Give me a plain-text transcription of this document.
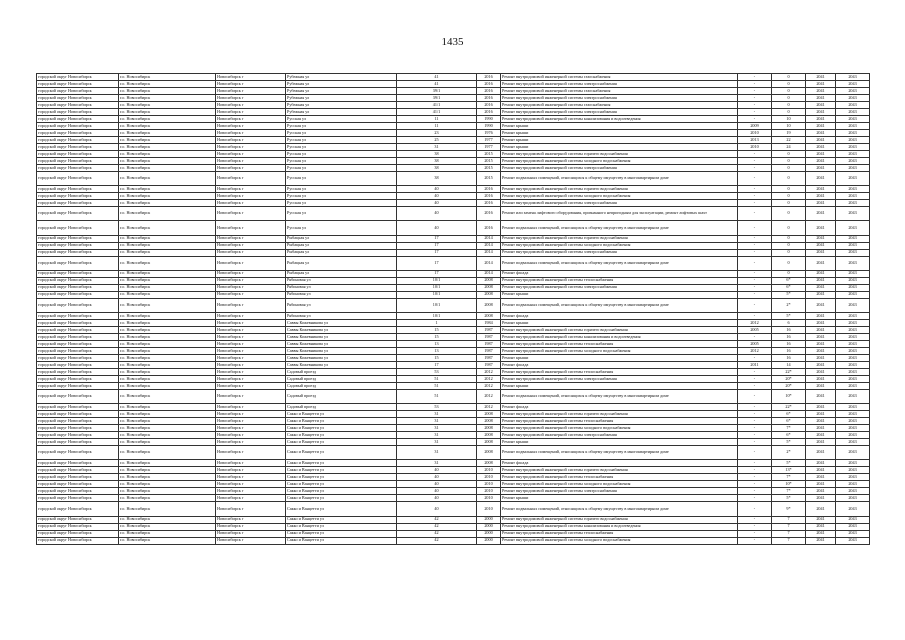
1435
городской округ Новосибирск	г.о. Новосибирск	Новосибирск г	Рубежная ул	41	2016	Ремонт внутридомовой инженерной системы газоснабжения	-	0	2041	2043
городской округ Новосибирск	г.о. Новосибирск	Новосибирск г	Рубежная ул	41	2016	Ремонт внутридомовой инженерной системы электроснабжения	-	0	2041	2043
городской округ Новосибирск	г.о. Новосибирск	Новосибирск г	Рубежная ул	39/1	2016	Ремонт внутридомовой инженерной системы газоснабжения	-	0	2041	2043
городской округ Новосибирск	г.о. Новосибирск	Новосибирск г	Рубежная ул	39/1	2016	Ремонт внутридомовой инженерной системы электроснабжения	-	0	2041	2043
городской округ Новосибирск	г.о. Новосибирск	Новосибирск г	Рубежная ул	41/1	2016	Ремонт внутридомовой инженерной системы газоснабжения	-	0	2041	2043
городской округ Новосибирск	г.о. Новосибирск	Новосибирск г	Рубежная ул	41/1	2016	Ремонт внутридомовой инженерной системы электроснабжения	-	0	2041	2043
городской округ Новосибирск	г.о. Новосибирск	Новосибирск г	Русская ул	11	1990	Ремонт внутридомовой инженерной системы канализования и водоотведения	-	10	2041	2043
городской округ Новосибирск	г.о. Новосибирск	Новосибирск г	Русская ул	11	1990	Ремонт крыши	2009	10	2041	2043
городской округ Новосибирск	г.о. Новосибирск	Новосибирск г	Русская ул	23	1976	Ремонт крыши	2010	19	2041	2043
городской округ Новосибирск	г.о. Новосибирск	Новосибирск г	Русская ул	25	1977	Ремонт крыши	2013	22	2041	2043
городской округ Новосибирск	г.о. Новосибирск	Новосибирск г	Русская ул	31	1977	Ремонт крыши	2010	24	2041	2043
городской округ Новосибирск	г.о. Новосибирск	Новосибирск г	Русская ул	38	2015	Ремонт внутридомовой инженерной системы горячего водоснабжения	-	0	2041	2043
городской округ Новосибирск	г.о. Новосибирск	Новосибирск г	Русская ул	38	2015	Ремонт внутридомовой инженерной системы холодного водоснабжения	-	0	2041	2043
городской округ Новосибирск	г.о. Новосибирск	Новосибирск г	Русская ул	38	2015	Ремонт внутридомовой инженерной системы электроснабжения	-	0	2041	2043
городской округ Новосибирск	г.о. Новосибирск	Новосибирск г	Русская ул	38	2015	Ремонт подвальных помещений, относящихся к общему имуществу в многоквартирном доме	-	0	2041	2043
городской округ Новосибирск	г.о. Новосибирск	Новосибирск г	Русская ул	40	2016	Ремонт внутридомовой инженерной системы горячего водоснабжения	-	0	2041	2043
городской округ Новосибирск	г.о. Новосибирск	Новосибирск г	Русская ул	40	2016	Ремонт внутридомовой инженерной системы холодного водоснабжения	-	0	2041	2043
городской округ Новосибирск	г.о. Новосибирск	Новосибирск г	Русская ул	40	2016	Ремонт внутридомовой инженерной системы электроснабжения	-	0	2041	2043
городской округ Новосибирск	г.о. Новосибирск	Новосибирск г	Русская ул	40	2016	Ремонт или замена лифтового оборудования, признанного непригодным для эксплуатации, ремонт лифтовых шахт	-	0	2041	2043
городской округ Новосибирск	г.о. Новосибирск	Новосибирск г	Русская ул	40	2016	Ремонт подвальных помещений, относящихся к общему имуществу в многоквартирном доме	-	0	2041	2043
городской округ Новосибирск	г.о. Новосибирск	Новосибирск г	Рыбацкая ул	17	2014	Ремонт внутридомовой инженерной системы горячего водоснабжения	-	0	2041	2043
городской округ Новосибирск	г.о. Новосибирск	Новосибирск г	Рыбацкая ул	17	2014	Ремонт внутридомовой инженерной системы холодного водоснабжения	-	0	2041	2043
городской округ Новосибирск	г.о. Новосибирск	Новосибирск г	Рыбацкая ул	17	2014	Ремонт внутридомовой инженерной системы электроснабжения	-	0	2041	2043
городской округ Новосибирск	г.о. Новосибирск	Новосибирск г	Рыбацкая ул	17	2014	Ремонт подвальных помещений, относящихся к общему имуществу в многоквартирном доме	-	0	2041	2043
городской округ Новосибирск	г.о. Новосибирск	Новосибирск г	Рыбацкая ул	17	2014	Ремонт фасада	-	0	2041	2043
городской округ Новосибирск	г.о. Новосибирск	Новосибирск г	Рябиновая ул	10/1	2008	Ремонт внутридомовой инженерной системы теплоснабжения	-	6*	2041	2043
городской округ Новосибирск	г.о. Новосибирск	Новосибирск г	Рябиновая ул	10/1	2008	Ремонт внутридомовой инженерной системы электроснабжения	-	6*	2041	2043
городской округ Новосибирск	г.о. Новосибирск	Новосибирск г	Рябиновая ул	10/1	2008	Ремонт крыши	-	5*	2041	2043
городской округ Новосибирск	г.о. Новосибирск	Новосибирск г	Рябиновая ул	10/1	2008	Ремонт подвальных помещений, относящихся к общему имуществу в многоквартирном доме	-	2*	2041	2043
городской округ Новосибирск	г.о. Новосибирск	Новосибирск г	Рябиновая ул	10/1	2008	Ремонт фасада	-	5*	2041	2043
городской округ Новосибирск	г.о. Новосибирск	Новосибирск г	Саввы Кожевникова ул	1	1984	Ремонт крыши	2012	6	2041	2043
городской округ Новосибирск	г.о. Новосибирск	Новосибирск г	Саввы Кожевникова ул	15	1987	Ремонт внутридомовой инженерной системы горячего водоснабжения	2005	16	2041	2043
городской округ Новосибирск	г.о. Новосибирск	Новосибирск г	Саввы Кожевникова ул	15	1987	Ремонт внутридомовой инженерной системы канализования и водоотведения	-	16	2041	2043
городской округ Новосибирск	г.о. Новосибирск	Новосибирск г	Саввы Кожевникова ул	13	1987	Ремонт внутридомовой инженерной системы теплоснабжения	2005	16	2041	2043
городской округ Новосибирск	г.о. Новосибирск	Новосибирск г	Саввы Кожевникова ул	13	1987	Ремонт внутридомовой инженерной системы холодного водоснабжения	2012	16	2041	2043
городской округ Новосибирск	г.о. Новосибирск	Новосибирск г	Саввы Кожевникова ул	15	1987	Ремонт крыши	-	16	2041	2043
городской округ Новосибирск	г.о. Новосибирск	Новосибирск г	Саввы Кожевникова ул	17	1987	Ремонт фасада	2011	14	2041	2043
городской округ Новосибирск	г.о. Новосибирск	Новосибирск г	Садовый проезд	53	2012	Ремонт внутридомовой инженерной системы теплоснабжения	-	22*	2041	2043
городской округ Новосибирск	г.о. Новосибирск	Новосибирск г	Садовый проезд	51	2012	Ремонт внутридомовой инженерной системы электроснабжения	-	20*	2041	2043
городской округ Новосибирск	г.о. Новосибирск	Новосибирск г	Садовый проезд	51	2012	Ремонт крыши	-	20*	2041	2043
городской округ Новосибирск	г.о. Новосибирск	Новосибирск г	Садовый проезд	51	2012	Ремонт подвальных помещений, относящихся к общему имуществу в многоквартирном доме	-	10*	2041	2043
городской округ Новосибирск	г.о. Новосибирск	Новосибирск г	Садовый проезд	53	2012	Ремонт фасада	-	22*	2041	2043
городской округ Новосибирск	г.о. Новосибирск	Новосибирск г	Сакко и Ванцетти ул	31	2008	Ремонт внутридомовой инженерной системы горячего водоснабжения	-	6*	2041	2043
городской округ Новосибирск	г.о. Новосибирск	Новосибирск г	Сакко и Ванцетти ул	31	2008	Ремонт внутридомовой инженерной системы теплоснабжения	-	6*	2041	2043
городской округ Новосибирск	г.о. Новосибирск	Новосибирск г	Сакко и Ванцетти ул	31	2008	Ремонт внутридомовой инженерной системы холодного водоснабжения	-	7*	2041	2043
городской округ Новосибирск	г.о. Новосибирск	Новосибирск г	Сакко и Ванцетти ул	31	2008	Ремонт внутридомовой инженерной системы электроснабжения	-	6*	2041	2043
городской округ Новосибирск	г.о. Новосибирск	Новосибирск г	Сакко и Ванцетти ул	31	2008	Ремонт крыши	-	5*	2041	2043
городской округ Новосибирск	г.о. Новосибирск	Новосибирск г	Сакко и Ванцетти ул	31	2008	Ремонт подвальных помещений, относящихся к общему имуществу в многоквартирном доме	-	2*	2041	2043
городской округ Новосибирск	г.о. Новосибирск	Новосибирск г	Сакко и Ванцетти ул	31	2008	Ремонт фасада	-	5*	2041	2043
городской округ Новосибирск	г.о. Новосибирск	Новосибирск г	Сакко и Ванцетти ул	40	2010	Ремонт внутридомовой инженерной системы горячего водоснабжения	-	13*	2041	2043
городской округ Новосибирск	г.о. Новосибирск	Новосибирск г	Сакко и Ванцетти ул	40	2010	Ремонт внутридомовой инженерной системы теплоснабжения	-	7*	2041	2043
городской округ Новосибирск	г.о. Новосибирск	Новосибирск г	Сакко и Ванцетти ул	40	2010	Ремонт внутридомовой инженерной системы холодного водоснабжения	-	10*	2041	2043
городской округ Новосибирск	г.о. Новосибирск	Новосибирск г	Сакко и Ванцетти ул	40	2010	Ремонт внутридомовой инженерной системы электроснабжения	-	7*	2041	2043
городской округ Новосибирск	г.о. Новосибирск	Новосибирск г	Сакко и Ванцетти ул	40	2010	Ремонт крыши	-	5*	2041	2043
городской округ Новосибирск	г.о. Новосибирск	Новосибирск г	Сакко и Ванцетти ул	40	2010	Ремонт подвальных помещений, относящихся к общему имуществу в многоквартирном доме	-	9*	2041	2043
городской округ Новосибирск	г.о. Новосибирск	Новосибирск г	Сакко и Ванцетти ул	42	2000	Ремонт внутридомовой инженерной системы горячего водоснабжения	-	7	2041	2043
городской округ Новосибирск	г.о. Новосибирск	Новосибирск г	Сакко и Ванцетти ул	42	2000	Ремонт внутридомовой инженерной системы канализования и водоотведения	-	7	2041	2043
городской округ Новосибирск	г.о. Новосибирск	Новосибирск г	Сакко и Ванцетти ул	42	2000	Ремонт внутридомовой инженерной системы теплоснабжения	-	7	2041	2043
городской округ Новосибирск	г.о. Новосибирск	Новосибирск г	Сакко и Ванцетти ул	42	2000	Ремонт внутридомовой инженерной системы холодного водоснабжения	-	7	2041	2043
